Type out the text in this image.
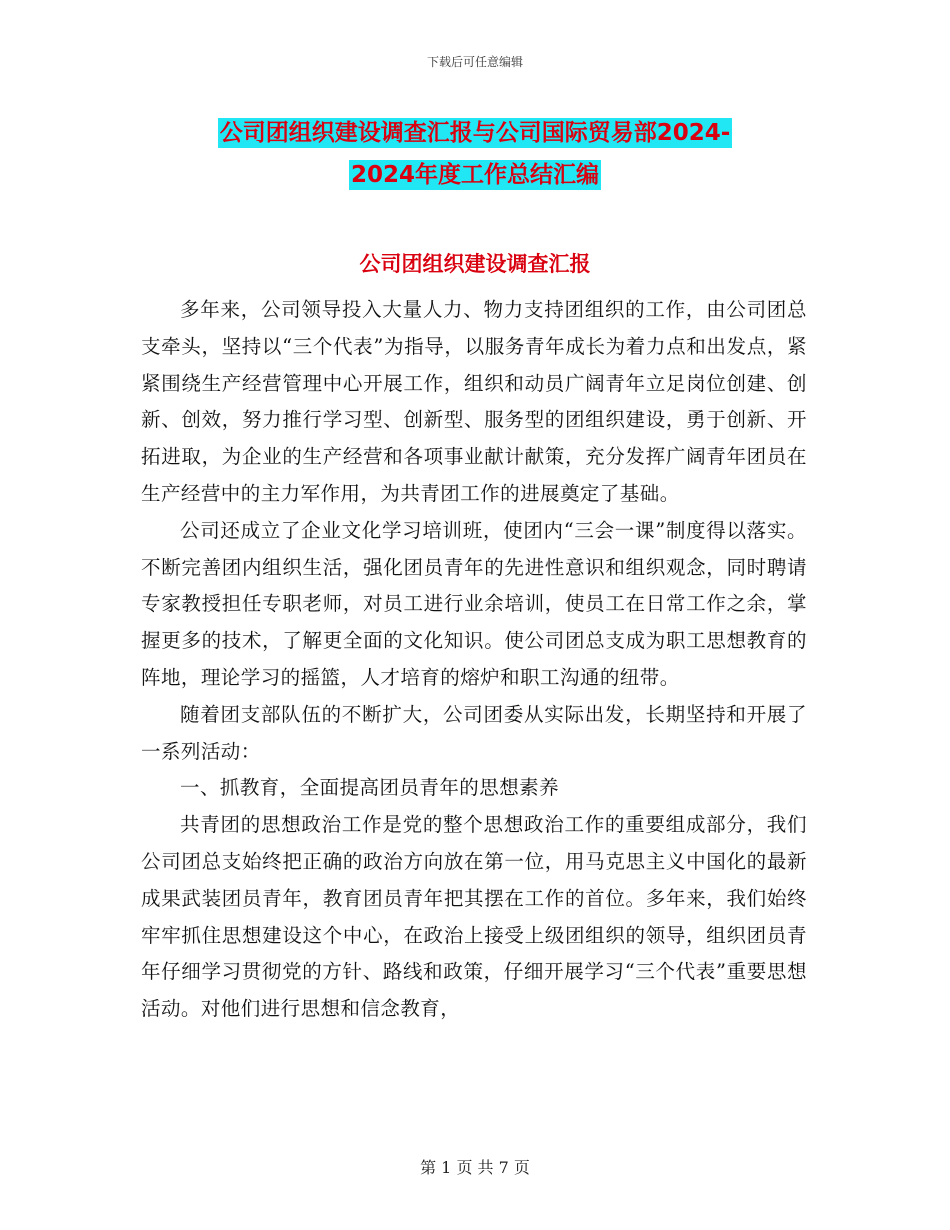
下载后可任意编辑
公司团组织建设调查汇报与公司国际贸易部2024-
2024年度工作总结汇编
公司团组织建设调查汇报

多年来，公司领导投入大量人力、物力支持团组织的工作，由公司团总支牵头，坚持以“三个代表”为指导，以服务青年成长为着力点和出发点，紧紧围绕生产经营管理中心开展工作，组织和动员广阔青年立足岗位创建、创新、创效，努力推行学习型、创新型、服务型的团组织建设，勇于创新、开拓进取，为企业的生产经营和各项事业献计献策，充分发挥广阔青年团员在生产经营中的主力军作用，为共青团工作的进展奠定了基础。

公司还成立了企业文化学习培训班，使团内“三会一课”制度得以落实。不断完善团内组织生活，强化团员青年的先进性意识和组织观念，同时聘请专家教授担任专职老师，对员工进行业余培训，使员工在日常工作之余，掌握更多的技术，了解更全面的文化知识。使公司团总支成为职工思想教育的阵地，理论学习的摇篮，人才培育的熔炉和职工沟通的纽带。

随着团支部队伍的不断扩大，公司团委从实际出发，长期坚持和开展了一系列活动：

一、抓教育，全面提高团员青年的思想素养

共青团的思想政治工作是党的整个思想政治工作的重要组成部分，我们公司团总支始终把正确的政治方向放在第一位，用马克思主义中国化的最新成果武装团员青年，教育团员青年把其摆在工作的首位。多年来，我们始终牢牢抓住思想建设这个中心，在政治上接受上级团组织的领导，组织团员青年仔细学习贯彻党的方针、路线和政策，仔细开展学习“三个代表”重要思想活动。对他们进行思想和信念教育，

第 1 页 共 7 页
